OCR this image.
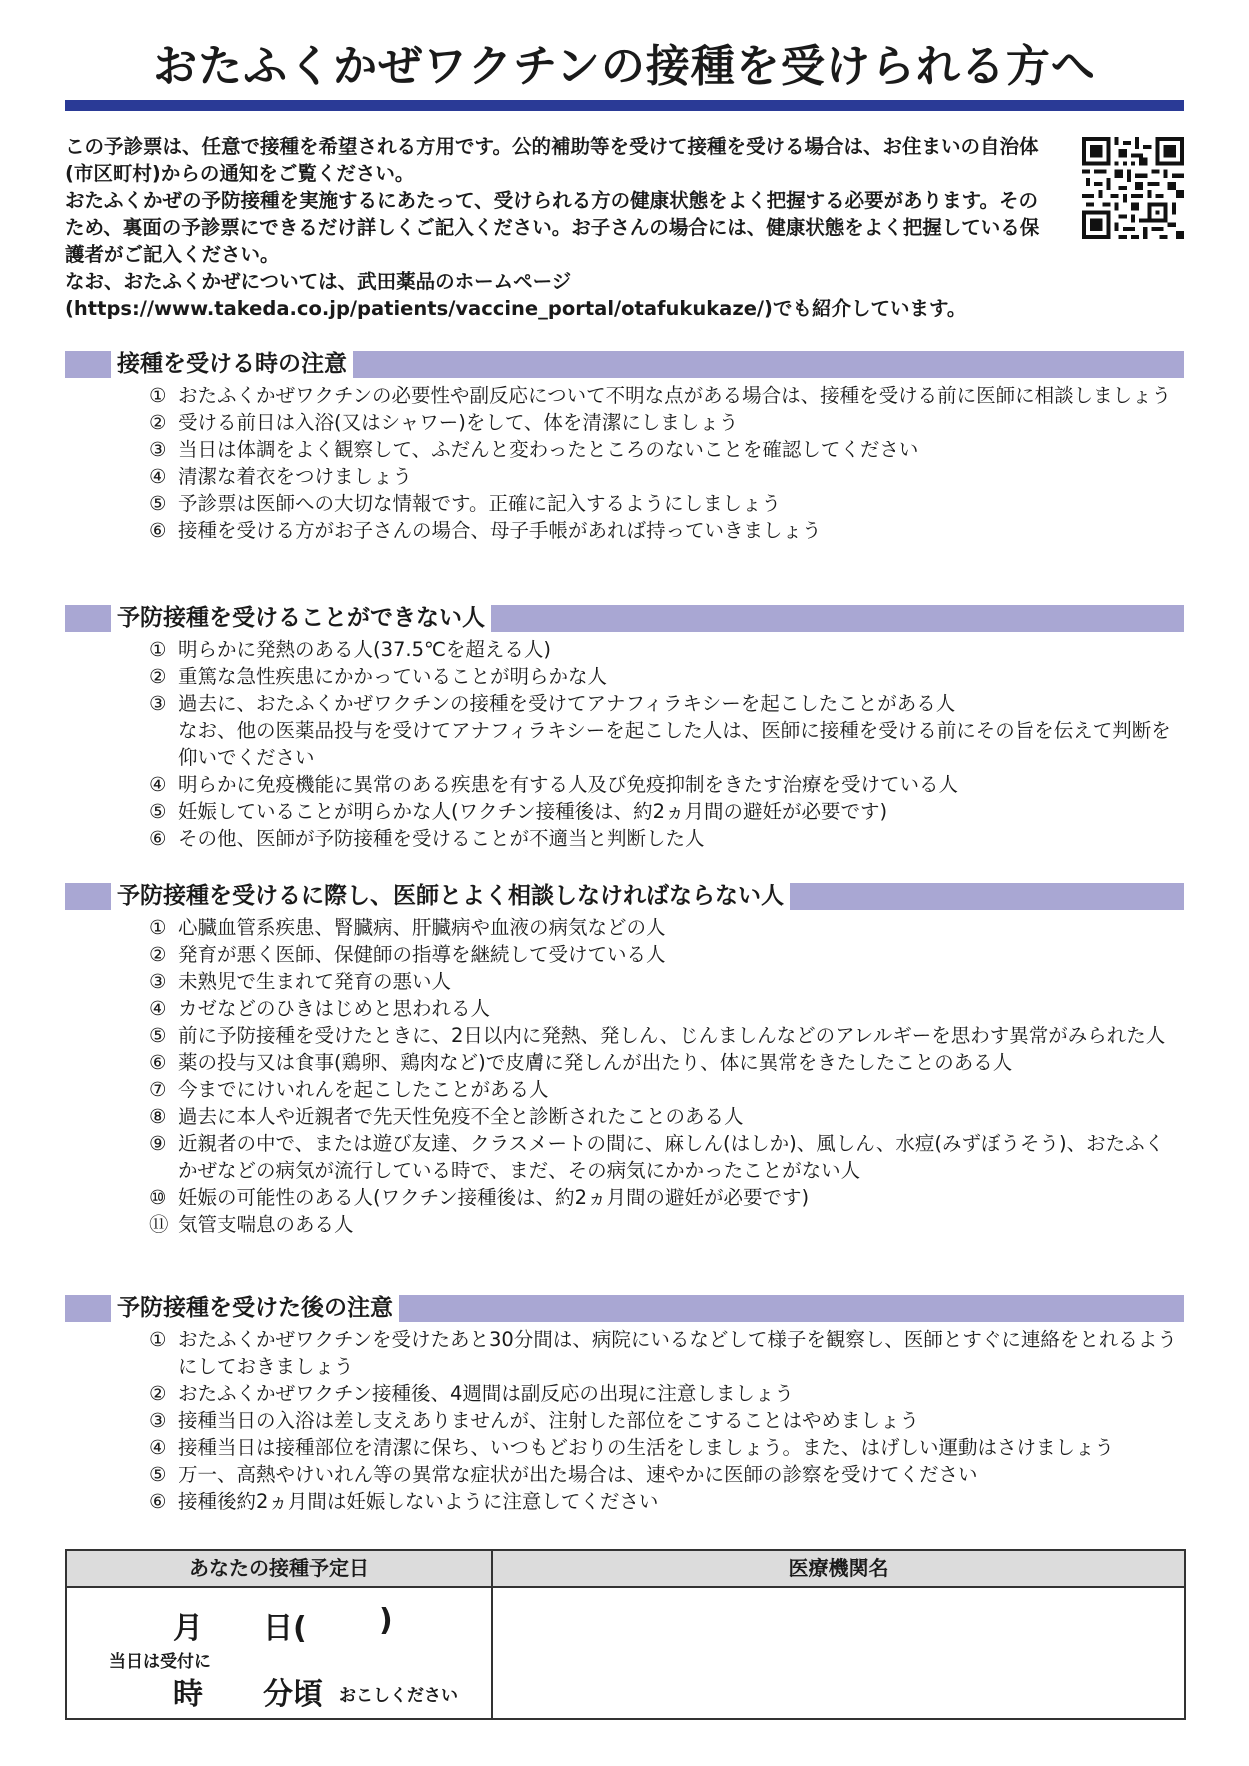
おたふくかぜワクチンの接種を受けられる方へ

この予診票は、任意で接種を希望される方用です。公的補助等を受けて接種を受ける場合は、お住まいの自治体(市区町村)からの通知をご覧ください。

おたふくかぜの予防接種を実施するにあたって、受けられる方の健康状態をよく把握する必要があります。そのため、裏面の予診票にできるだけ詳しくご記入ください。お子さんの場合には、健康状態をよく把握している保護者がご記入ください。

なお、おたふくかぜについては、武田薬品のホームページ(https://www.takeda.co.jp/patients/vaccine_portal/otafukukaze/)でも紹介しています。

接種を受ける時の注意
① おたふくかぜワクチンの必要性や副反応について不明な点がある場合は、接種を受ける前に医師に相談しましょう
② 受ける前日は入浴(又はシャワー)をして、体を清潔にしましょう
③ 当日は体調をよく観察して、ふだんと変わったところのないことを確認してください
④ 清潔な着衣をつけましょう
⑤ 予診票は医師への大切な情報です。正確に記入するようにしましょう
⑥ 接種を受ける方がお子さんの場合、母子手帳があれば持っていきましょう
予防接種を受けることができない人
① 明らかに発熱のある人(37.5℃を超える人)
② 重篤な急性疾患にかかっていることが明らかな人
③ 過去に、おたふくかぜワクチンの接種を受けてアナフィラキシーを起こしたことがある人
なお、他の医薬品投与を受けてアナフィラキシーを起こした人は、医師に接種を受ける前にその旨を伝えて判断を仰いでください
④ 明らかに免疫機能に異常のある疾患を有する人及び免疫抑制をきたす治療を受けている人
⑤ 妊娠していることが明らかな人(ワクチン接種後は、約2ヵ月間の避妊が必要です)
⑥ その他、医師が予防接種を受けることが不適当と判断した人
予防接種を受けるに際し、医師とよく相談しなければならない人
① 心臓血管系疾患、腎臓病、肝臓病や血液の病気などの人
② 発育が悪く医師、保健師の指導を継続して受けている人
③ 未熟児で生まれて発育の悪い人
④ カゼなどのひきはじめと思われる人
⑤ 前に予防接種を受けたときに、2日以内に発熱、発しん、じんましんなどのアレルギーを思わす異常がみられた人
⑥ 薬の投与又は食事(鶏卵、鶏肉など)で皮膚に発しんが出たり、体に異常をきたしたことのある人
⑦ 今までにけいれんを起こしたことがある人
⑧ 過去に本人や近親者で先天性免疫不全と診断されたことのある人
⑨ 近親者の中で、または遊び友達、クラスメートの間に、麻しん(はしか)、風しん、水痘(みずぼうそう)、おたふくかぜなどの病気が流行している時で、まだ、その病気にかかったことがない人
⑩ 妊娠の可能性のある人(ワクチン接種後は、約2ヵ月間の避妊が必要です)
⑪ 気管支喘息のある人
予防接種を受けた後の注意
① おたふくかぜワクチンを受けたあと30分間は、病院にいるなどして様子を観察し、医師とすぐに連絡をとれるようにしておきましょう
② おたふくかぜワクチン接種後、4週間は副反応の出現に注意しましょう
③ 接種当日の入浴は差し支えありませんが、注射した部位をこすることはやめましょう
④ 接種当日は接種部位を清潔に保ち、いつもどおりの生活をしましょう。また、はげしい運動はさけましょう
⑤ 万一、高熱やけいれん等の異常な症状が出た場合は、速やかに医師の診察を受けてください
⑥ 接種後約2ヵ月間は妊娠しないように注意してください
あなたの接種予定日	医療機関名
月 日( )
当日は受付に
時 分頃 おこしください
